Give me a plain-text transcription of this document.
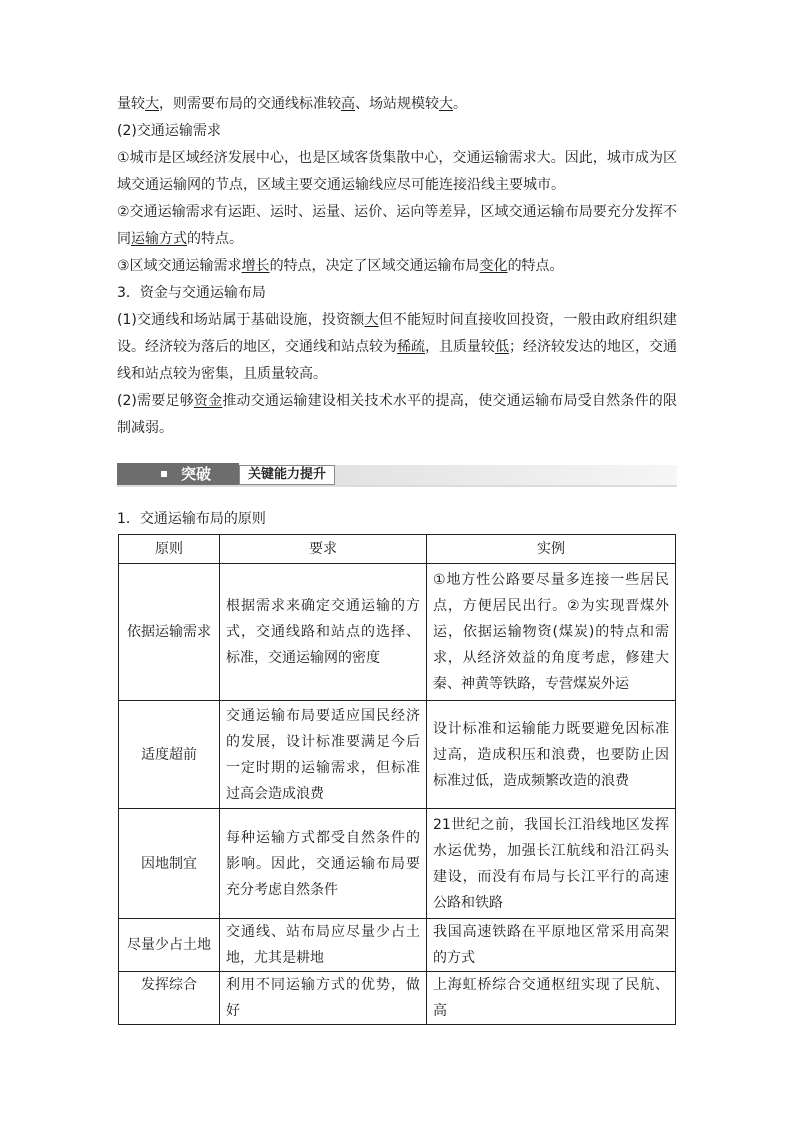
量较大，则需要布局的交通线标准较高、场站规模较大。

(2)交通运输需求

①城市是区域经济发展中心，也是区域客货集散中心，交通运输需求大。因此，城市成为区域交通运输网的节点，区域主要交通运输线应尽可能连接沿线主要城市。

②交通运输需求有运距、运时、运量、运价、运向等差异，区域交通运输布局要充分发挥不同运输方式的特点。

③区域交通运输需求增长的特点，决定了区域交通运输布局变化的特点。

3．资金与交通运输布局

(1)交通线和场站属于基础设施，投资额大但不能短时间直接收回投资，一般由政府组织建设。经济较为落后的地区，交通线和站点较为稀疏，且质量较低；经济较发达的地区，交通线和站点较为密集，且质量较高。

(2)需要足够资金推动交通运输建设相关技术水平的提高，使交通运输布局受自然条件的限制减弱。

突破	关键能力提升
1．交通运输布局的原则
原则	要求	实例
依据运输需求	根据需求来确定交通运输的方式，交通线路和站点的选择、标准，交通运输网的密度	①地方性公路要尽量多连接一些居民点，方便居民出行。②为实现晋煤外运，依据运输物资(煤炭)的特点和需求，从经济效益的角度考虑，修建大秦、神黄等铁路，专营煤炭外运
适度超前	交通运输布局要适应国民经济的发展，设计标准要满足今后一定时期的运输需求，但标准过高会造成浪费	设计标准和运输能力既要避免因标准过高，造成积压和浪费，也要防止因标准过低，造成频繁改造的浪费
因地制宜	每种运输方式都受自然条件的影响。因此，交通运输布局要充分考虑自然条件	21世纪之前，我国长江沿线地区发挥水运优势，加强长江航线和沿江码头建设，而没有布局与长江平行的高速公路和铁路
尽量少占土地	交通线、站布局应尽量少占土地，尤其是耕地	我国高速铁路在平原地区常采用高架的方式
发挥综合	利用不同运输方式的优势，做好	上海虹桥综合交通枢纽实现了民航、高
